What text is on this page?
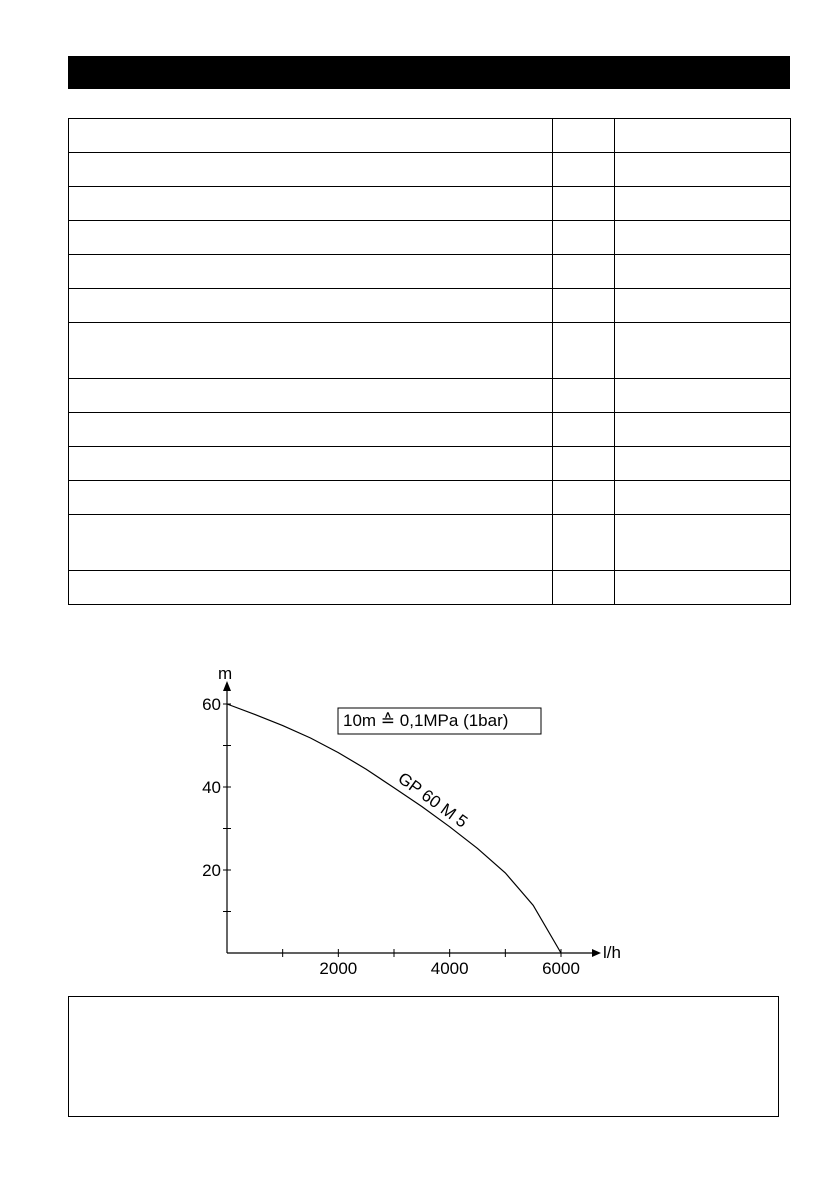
m
l/h
2000	4000	6000
20
40
60
GP 60 M 5
10m ≙ 0,1MPa (1bar)
